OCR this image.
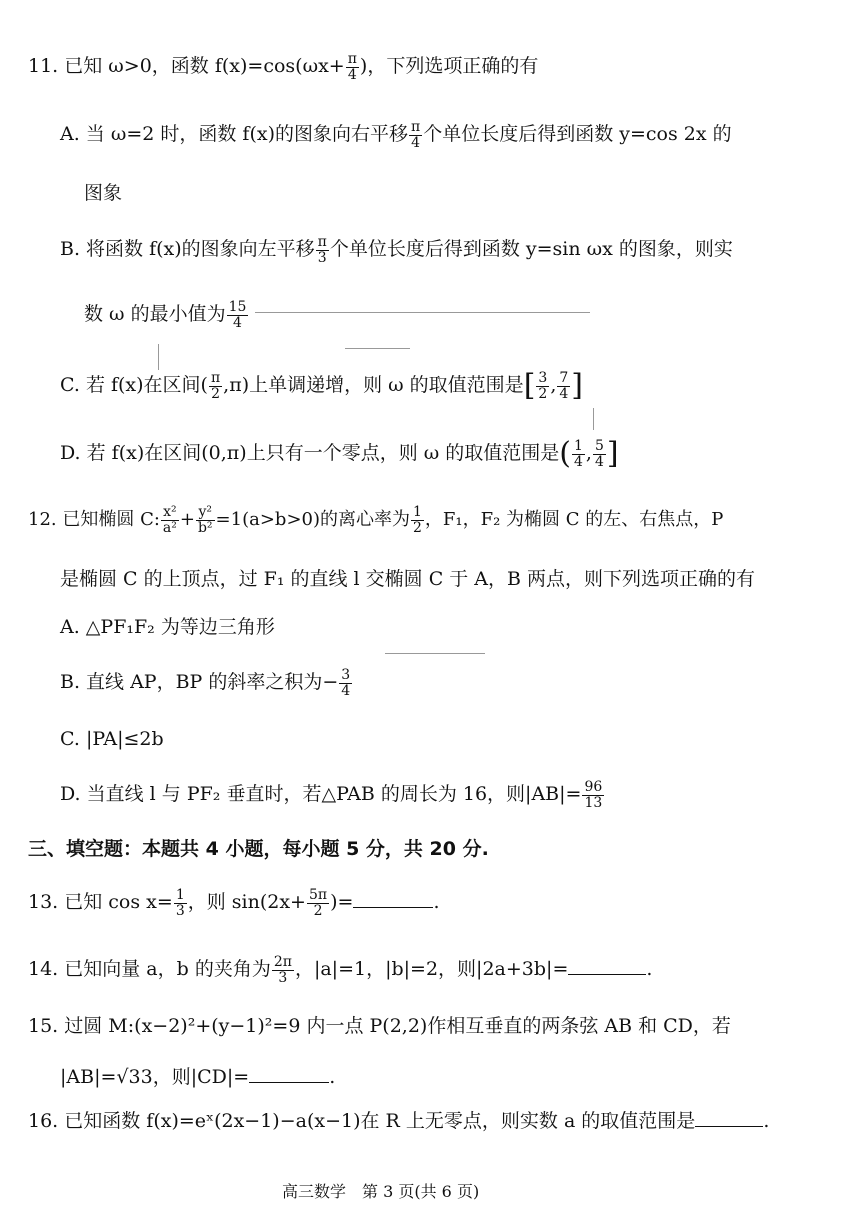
11. 已知 ω>0，函数 $f(x)=\cos(\omega x+ \frac{\pi}{4}$ )，下列选项正确的有
A. 当 ω=2 时，函数 f(x)的图象向右平移 $\frac{\pi}{4}$ 个单位长度后得到函数 y=cos 2x 的
图象
B. 将函数 f(x)的图象向左平移 $\frac{\pi}{3}$ 个单位长度后得到函数 y=sin ωx 的图象，则实
数 ω 的最小值为 $\frac{15}{4}$
C. 若 f(x)在区间( $\frac{\pi}{2} ,\pi$)上单调递增，则 ω 的取值范围是[ $\frac{3}{2}$ , $\frac{7}{4}$ ]
D. 若 f(x)在区间(0,π)上只有一个零点，则 ω 的取值范围是( $\frac{1}{4}$ , $\frac{5}{4}$ ]
12. 已知椭圆 C: $\frac{\text{x²}}{\text{a²}} + \frac{\text{y²}}{\text{b²}} =1(a>b>0)$的离心率为 $\frac{1}{2}$ ，F₁，F₂ 为椭圆 C 的左、右焦点，P
是椭圆 C 的上顶点，过 F₁ 的直线 l 交椭圆 C 于 A，B 两点，则下列选项正确的有
A. △PF₁F₂ 为等边三角形
B. 直线 AP，BP 的斜率之积为− $\frac{3}{4}$
C. |PA|≤2b
D. 当直线 l 与 PF₂ 垂直时，若△PAB 的周长为 16，则$|AB|= \frac{96}{13}$
三、填空题：本题共 4 小题，每小题 5 分，共 20 分.
13. 已知 $\cos x= \frac{1}{3}$ ，则 $\sin(2x+ \frac{5\pi}{2}$ )=	.
14. 已知向量 a，b 的夹角为 $\frac{2\pi}{3}$ ，|a|=1，|b|=2，则|2a+3b|=	.
15. 过圆 M:(x−2)²+(y−1)²=9 内一点 P(2,2)作相互垂直的两条弦 AB 和 CD，若
|AB|=√33，则|CD|=	.
16. 已知函数 f(x)=eˣ(2x−1)−a(x−1)在 R 上无零点，则实数 a 的取值范围是	.
高三数学　第 3 页(共 6 页)
